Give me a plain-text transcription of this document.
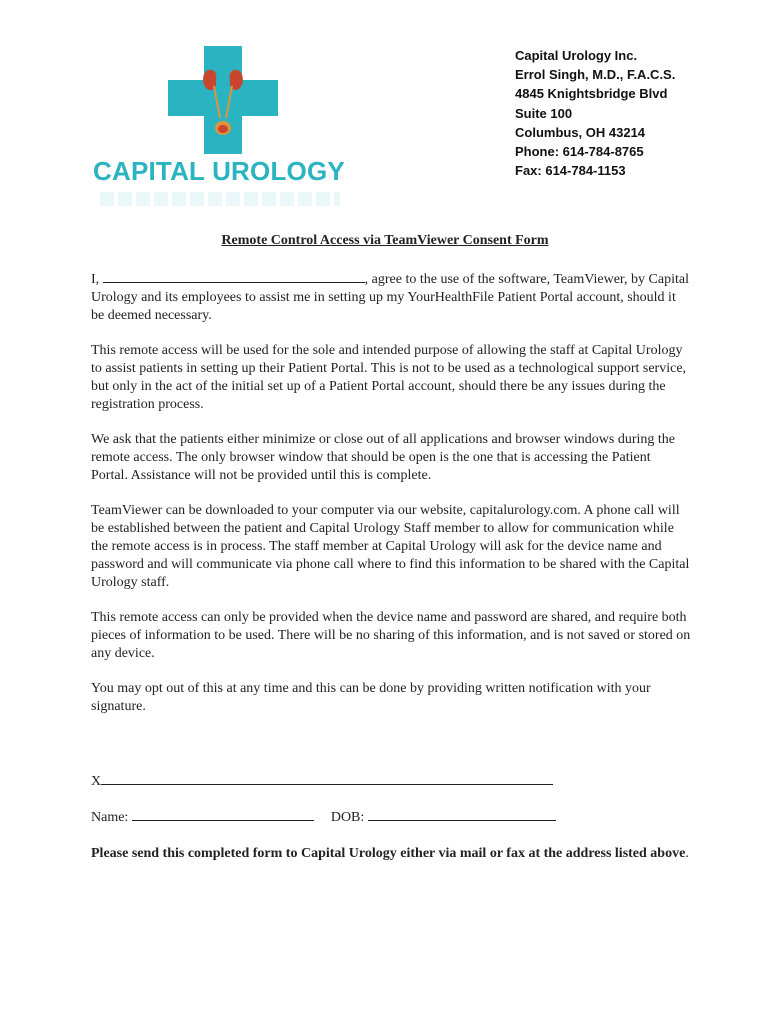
CAPITAL UROLOGY
Capital Urology Inc.
Errol Singh, M.D., F.A.C.S.
4845 Knightsbridge Blvd
Suite 100
Columbus, OH 43214
Phone: 614-784-8765
Fax: 614-784-1153
Remote Control Access via TeamViewer Consent Form

I,	, agree to the use of the software, TeamViewer, by Capital Urology and its employees to assist me in setting up my YourHealthFile Patient Portal account, should it be deemed necessary.

This remote access will be used for the sole and intended purpose of allowing the staff at Capital Urology to assist patients in setting up their Patient Portal. This is not to be used as a technological support service, but only in the act of the initial set up of a Patient Portal account, should there be any issues during the registration process.

We ask that the patients either minimize or close out of all applications and browser windows during the remote access. The only browser window that should be open is the one that is accessing the Patient Portal. Assistance will not be provided until this is complete.

TeamViewer can be downloaded to your computer via our website, capitalurology.com. A phone call will be established between the patient and Capital Urology Staff member to allow for communication while the remote access is in process. The staff member at Capital Urology will ask for the device name and password and will communicate via phone call where to find this information to be shared with the Capital Urology staff.

This remote access can only be provided when the device name and password are shared, and require both pieces of information to be used. There will be no sharing of this information, and is not saved or stored on any device.

You may opt out of this at any time and this can be done by providing written notification with your signature.

X
Name:	DOB:
Please send this completed form to Capital Urology either via mail or fax at the address listed above.
